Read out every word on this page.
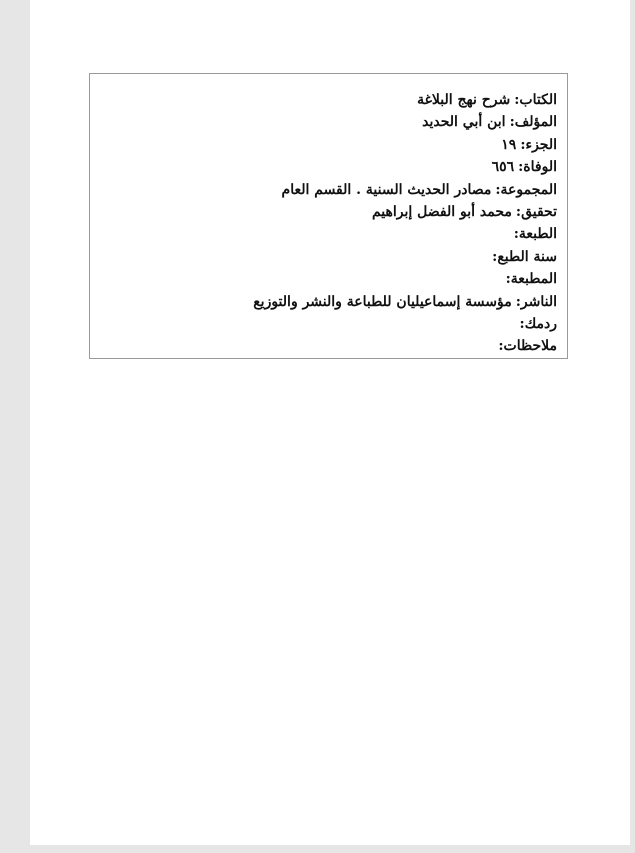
الكتاب:شرح نهج البلاغة
المؤلف:ابن أبي الحديد
الجزء:١٩
الوفاة:٦٥٦
المجموعة:مصادر الحديث السنية . القسم العام
تحقيق:محمد أبو الفضل إبراهيم
الطبعة:
سنة الطبع:
المطبعة:
الناشر:مؤسسة إسماعيليان للطباعة والنشر والتوزيع
ردمك:
ملاحظات:
